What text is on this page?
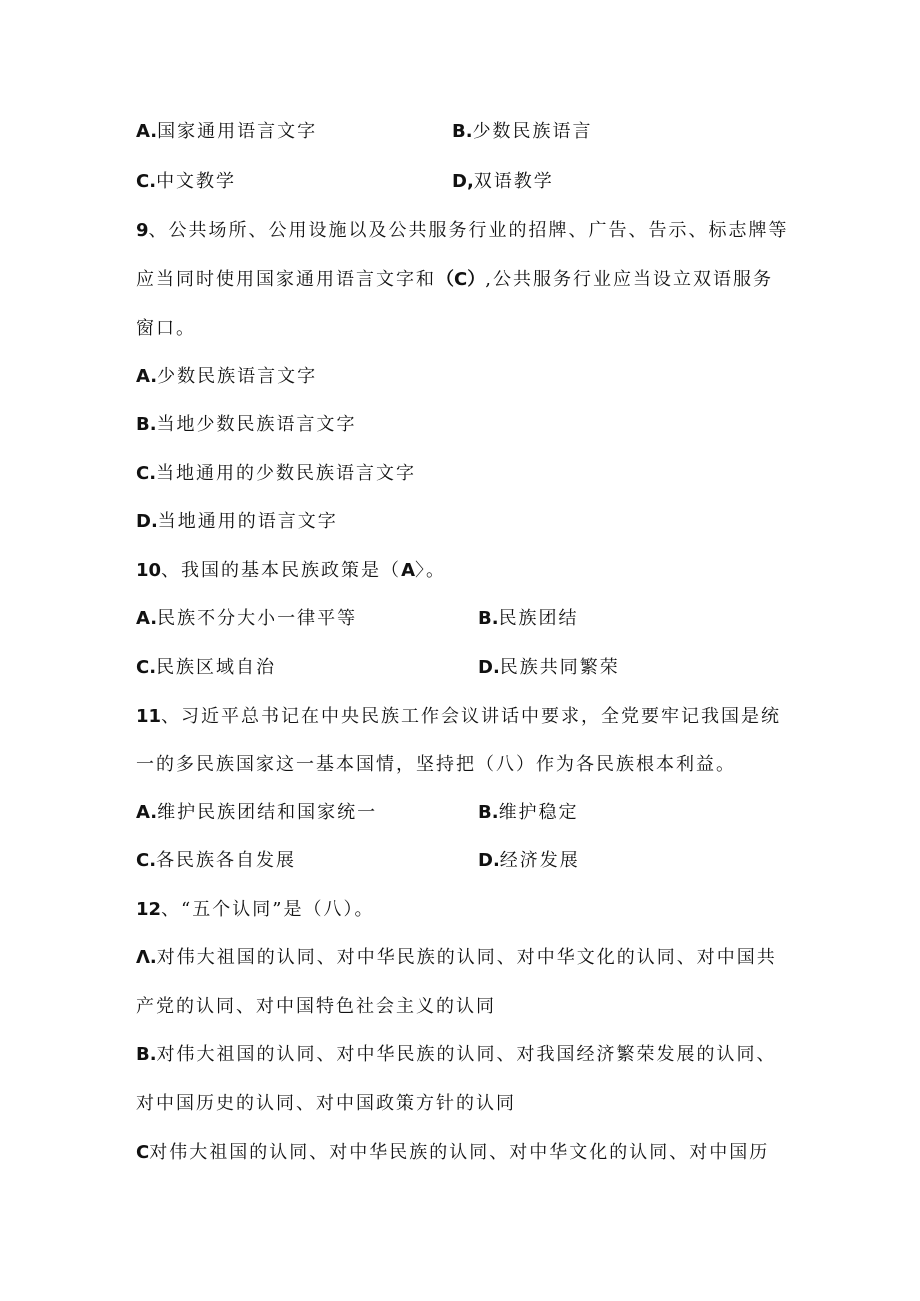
A.国家通用语言文字	B.少数民族语言
C.中文教学	D,双语教学
9、公共场所、公用设施以及公共服务行业的招牌、广告、告示、标志牌等
应当同时使用国家通用语言文字和（C）,公共服务行业应当设立双语服务
窗口。
A.少数民族语言文字
B.当地少数民族语言文字
C.当地通用的少数民族语言文字
D.当地通用的语言文字
10、我国的基本民族政策是（A〉。
A.民族不分大小一律平等	B.民族团结
C.民族区域自治	D.民族共同繁荣
11、习近平总书记在中央民族工作会议讲话中要求，全党要牢记我国是统
一的多民族国家这一基本国情，坚持把（八）作为各民族根本利益。
A.维护民族团结和国家统一	B.维护稳定
C.各民族各自发展	D.经济发展
12、“五个认同”是（八）。
Λ.对伟大祖国的认同、对中华民族的认同、对中华文化的认同、对中国共
产党的认同、对中国特色社会主义的认同
B.对伟大祖国的认同、对中华民族的认同、对我国经济繁荣发展的认同、
对中国历史的认同、对中国政策方针的认同
C对伟大祖国的认同、对中华民族的认同、对中华文化的认同、对中国历
